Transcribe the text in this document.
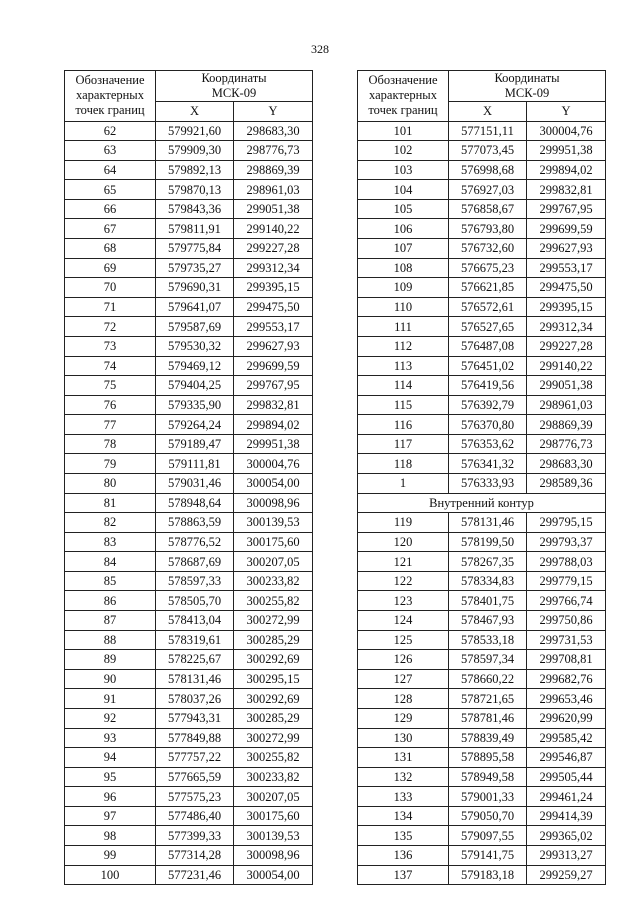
328
Обозначение
характерных
точек границ	Координаты
МСК-09	
	X	Y
62	579921,60	298683,30
63	579909,30	298776,73
64	579892,13	298869,39
65	579870,13	298961,03
66	579843,36	299051,38
67	579811,91	299140,22
68	579775,84	299227,28
69	579735,27	299312,34
70	579690,31	299395,15
71	579641,07	299475,50
72	579587,69	299553,17
73	579530,32	299627,93
74	579469,12	299699,59
75	579404,25	299767,95
76	579335,90	299832,81
77	579264,24	299894,02
78	579189,47	299951,38
79	579111,81	300004,76
80	579031,46	300054,00
81	578948,64	300098,96
82	578863,59	300139,53
83	578776,52	300175,60
84	578687,69	300207,05
85	578597,33	300233,82
86	578505,70	300255,82
87	578413,04	300272,99
88	578319,61	300285,29
89	578225,67	300292,69
90	578131,46	300295,15
91	578037,26	300292,69
92	577943,31	300285,29
93	577849,88	300272,99
94	577757,22	300255,82
95	577665,59	300233,82
96	577575,23	300207,05
97	577486,40	300175,60
98	577399,33	300139,53
99	577314,28	300098,96
100	577231,46	300054,00
Обозначение
характерных
точек границ	Координаты
МСК-09	
	X	Y
101	577151,11	300004,76
102	577073,45	299951,38
103	576998,68	299894,02
104	576927,03	299832,81
105	576858,67	299767,95
106	576793,80	299699,59
107	576732,60	299627,93
108	576675,23	299553,17
109	576621,85	299475,50
110	576572,61	299395,15
111	576527,65	299312,34
112	576487,08	299227,28
113	576451,02	299140,22
114	576419,56	299051,38
115	576392,79	298961,03
116	576370,80	298869,39
117	576353,62	298776,73
118	576341,32	298683,30
1	576333,93	298589,36
Внутренний контур		
119	578131,46	299795,15
120	578199,50	299793,37
121	578267,35	299788,03
122	578334,83	299779,15
123	578401,75	299766,74
124	578467,93	299750,86
125	578533,18	299731,53
126	578597,34	299708,81
127	578660,22	299682,76
128	578721,65	299653,46
129	578781,46	299620,99
130	578839,49	299585,42
131	578895,58	299546,87
132	578949,58	299505,44
133	579001,33	299461,24
134	579050,70	299414,39
135	579097,55	299365,02
136	579141,75	299313,27
137	579183,18	299259,27
